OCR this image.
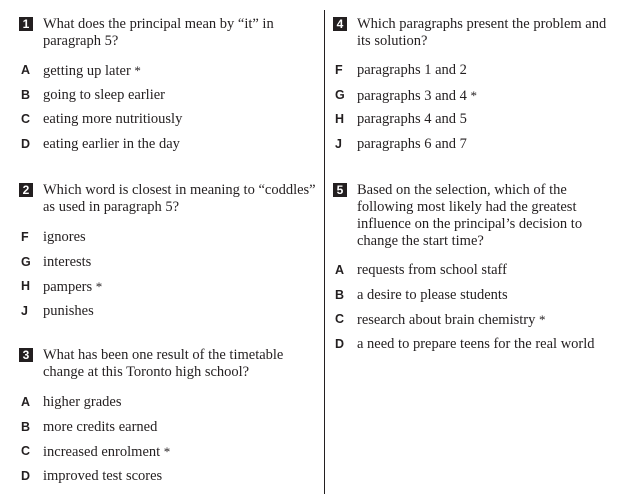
1 What does the principal mean by “it” in paragraph 5?
A getting up later *
B going to sleep earlier
C eating more nutritiously
D eating earlier in the day
2 Which word is closest in meaning to “coddles” as used in paragraph 5?
F ignores
G interests
H pampers *
J punishes
3 What has been one result of the timetable change at this Toronto high school?
A higher grades
B more credits earned
C increased enrolment *
D improved test scores
4 Which paragraphs present the problem and its solution?
F paragraphs 1 and 2
G paragraphs 3 and 4 *
H paragraphs 4 and 5
J paragraphs 6 and 7
5 Based on the selection, which of the following most likely had the greatest influence on the principal’s decision to change the start time?
A requests from school staff
B a desire to please students
C research about brain chemistry *
D a need to prepare teens for the real world
